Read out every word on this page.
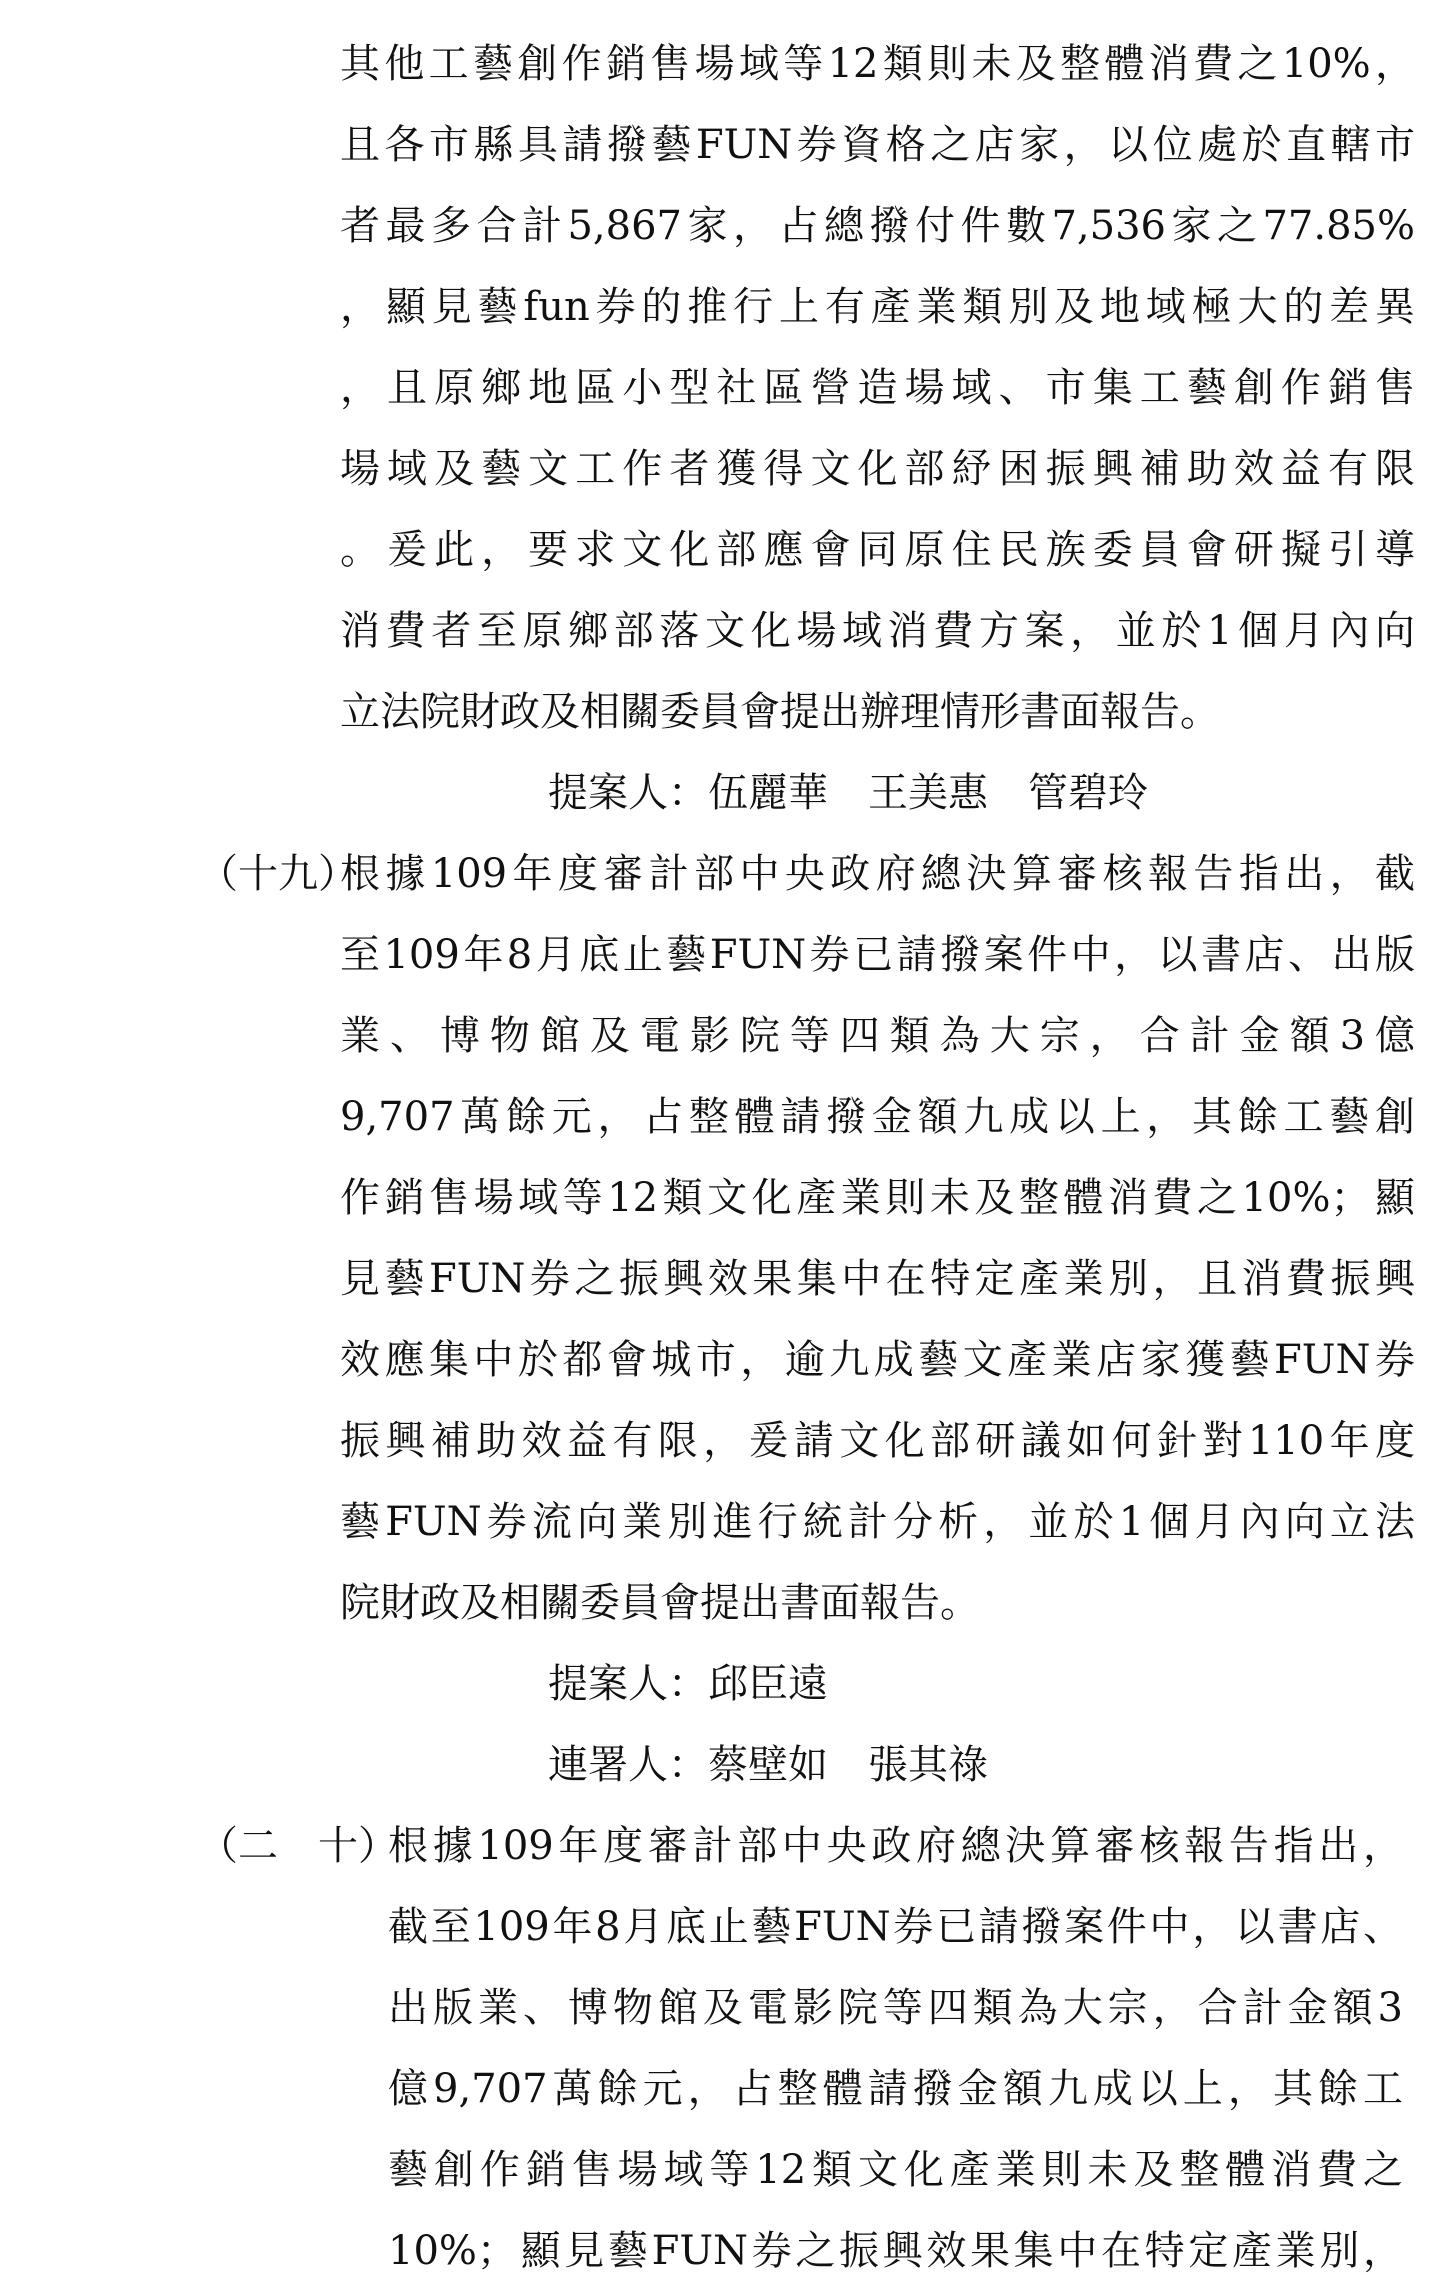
其他工藝創作銷售場域等12類則未及整體消費之10%，
且各市縣具請撥藝FUN券資格之店家，以位處於直轄市
者最多合計5,867家，占總撥付件數7,536家之77.85%
，顯見藝fun券的推行上有產業類別及地域極大的差異
，且原鄉地區小型社區營造場域、市集工藝創作銷售
場域及藝文工作者獲得文化部紓困振興補助效益有限
。爰此，要求文化部應會同原住民族委員會研擬引導
消費者至原鄉部落文化場域消費方案，並於1個月內向
立法院財政及相關委員會提出辦理情形書面報告。
提案人：伍麗華　王美惠　管碧玲
（十九）
根據109年度審計部中央政府總決算審核報告指出，截
至109年8月底止藝FUN券已請撥案件中，以書店、出版
業、博物館及電影院等四類為大宗，合計金額3億
9,707萬餘元，占整體請撥金額九成以上，其餘工藝創
作銷售場域等12類文化產業則未及整體消費之10%；顯
見藝FUN券之振興效果集中在特定產業別，且消費振興
效應集中於都會城市，逾九成藝文產業店家獲藝FUN券
振興補助效益有限，爰請文化部研議如何針對110年度
藝FUN券流向業別進行統計分析，並於1個月內向立法
院財政及相關委員會提出書面報告。
提案人：邱臣遠
連署人：蔡壁如　張其祿
（二　十）
根據109年度審計部中央政府總決算審核報告指出，
截至109年8月底止藝FUN券已請撥案件中，以書店、
出版業、博物館及電影院等四類為大宗，合計金額3
億9,707萬餘元，占整體請撥金額九成以上，其餘工
藝創作銷售場域等12類文化產業則未及整體消費之
10%；顯見藝FUN券之振興效果集中在特定產業別，
